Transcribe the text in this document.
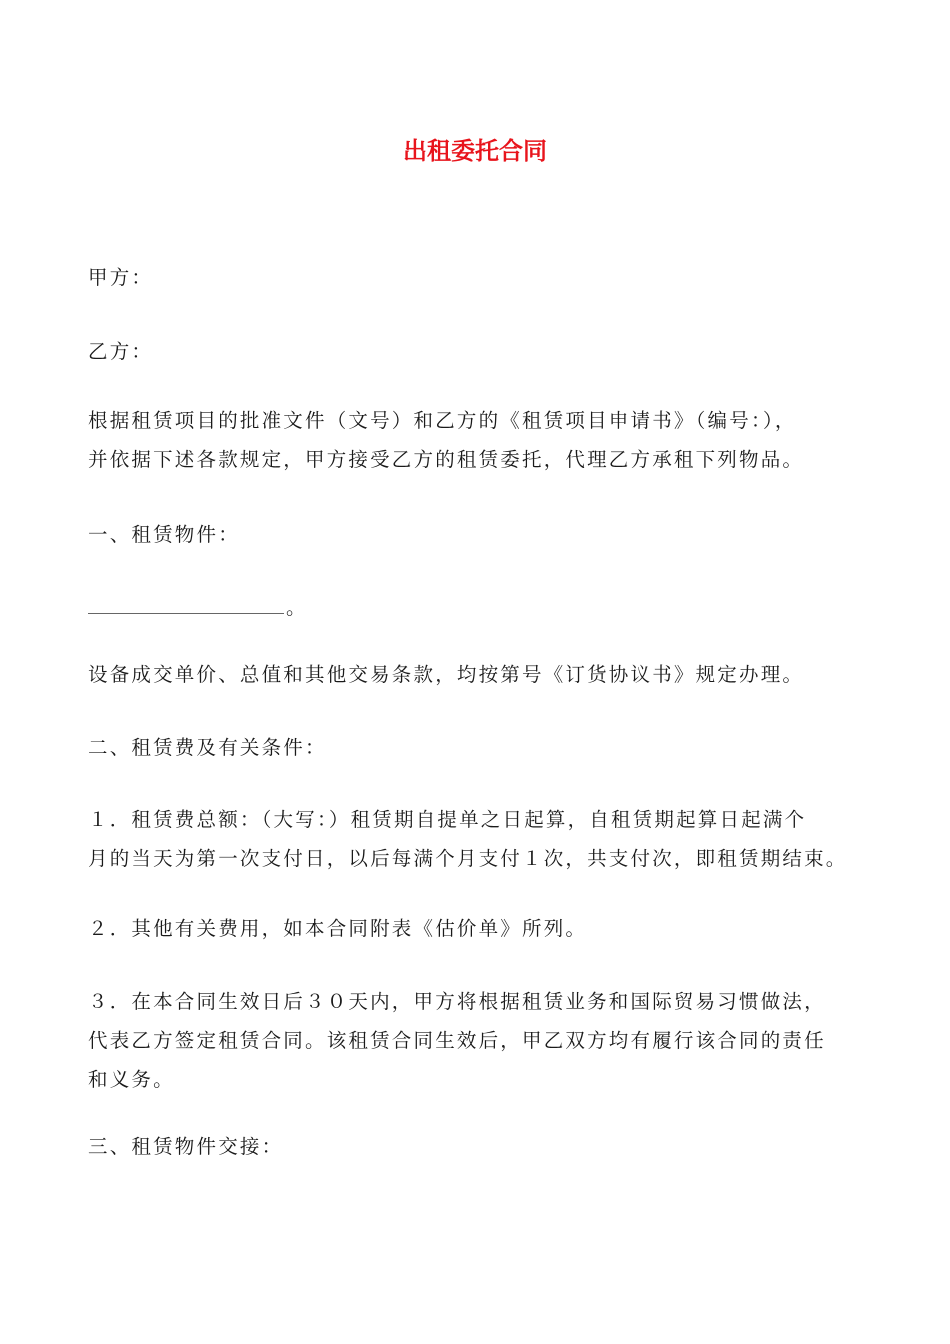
出租委托合同
甲方：
乙方：
根据租赁项目的批准文件（文号）和乙方的《租赁项目申请书》（编号：），
并依据下述各款规定，甲方接受乙方的租赁委托，代理乙方承租下列物品。
一、租赁物件：
。
设备成交单价、总值和其他交易条款，均按第号《订货协议书》规定办理。
二、租赁费及有关条件：
１．租赁费总额：（大写：）租赁期自提单之日起算，自租赁期起算日起满个
月的当天为第一次支付日，以后每满个月支付１次，共支付次，即租赁期结束。
２．其他有关费用，如本合同附表《估价单》所列。
３．在本合同生效日后３０天内，甲方将根据租赁业务和国际贸易习惯做法，
代表乙方签定租赁合同。该租赁合同生效后，甲乙双方均有履行该合同的责任
和义务。
三、租赁物件交接：
